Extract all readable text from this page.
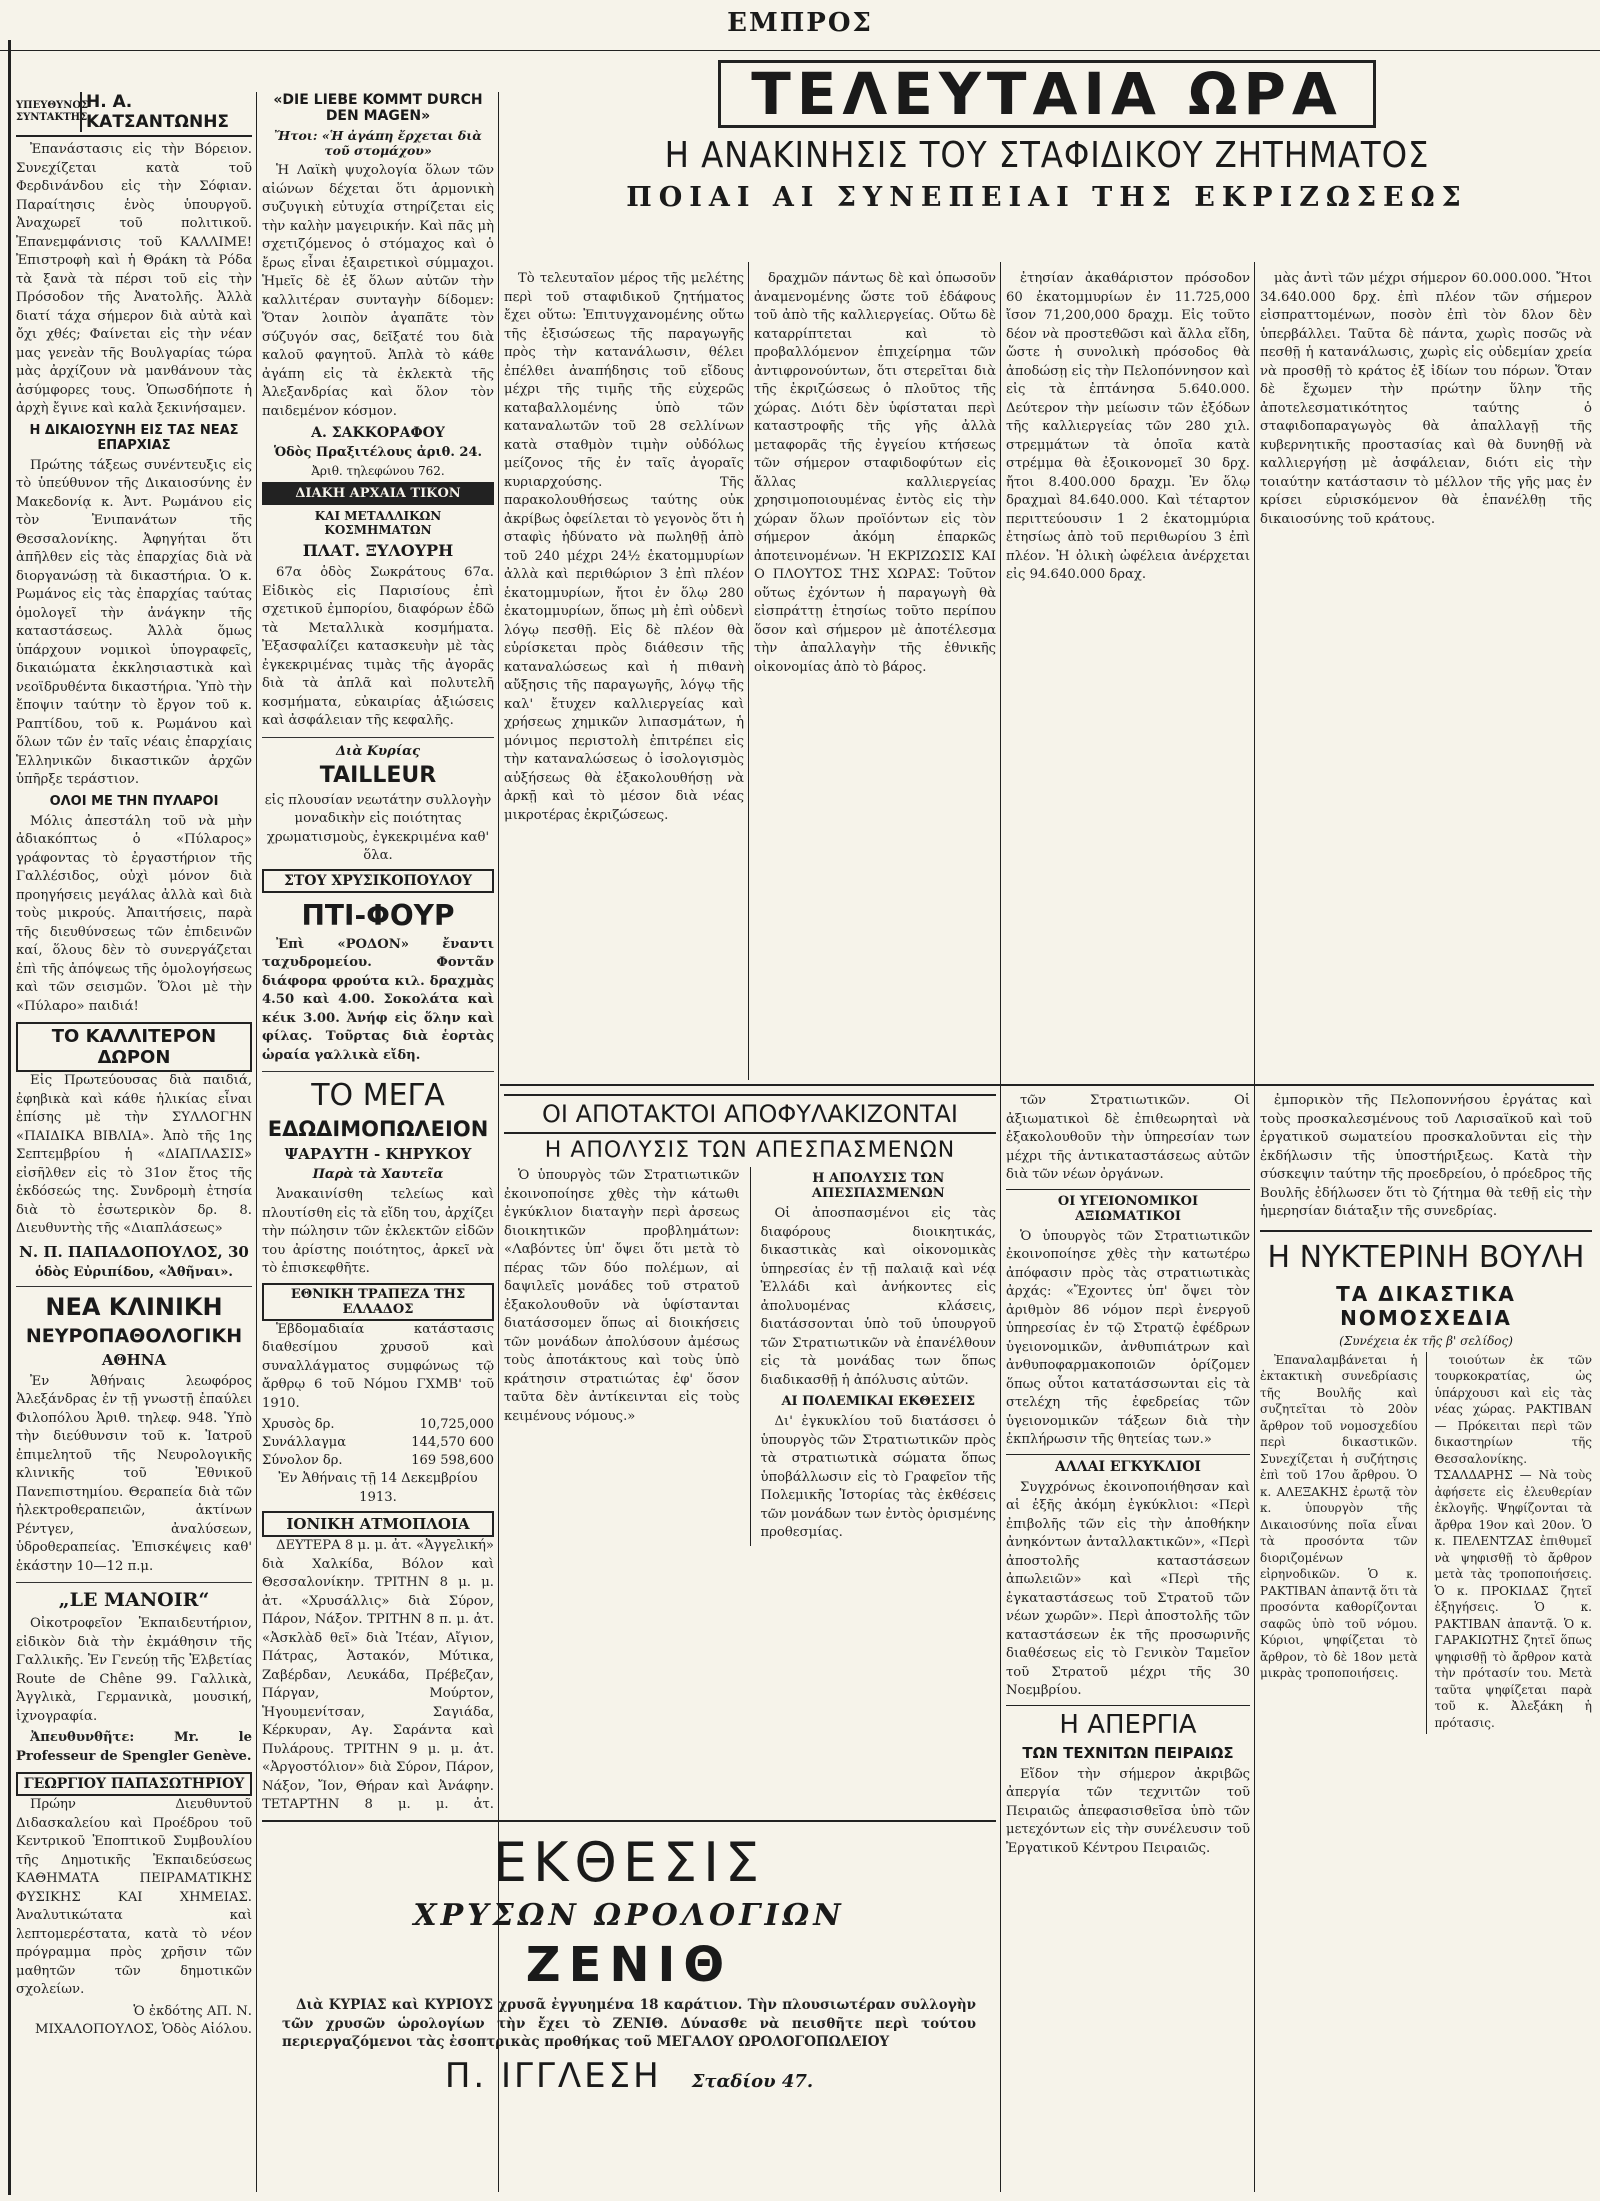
ΕΜΠΡΟΣ
ΥΠΕΥΘΥΝΟΣ ΣΥΝΤΑΚΤΗΣ
Η. Α. ΚΑΤΣΑΝΤΩΝΗΣ

Ἐπανάστασις εἰς τὴν Βόρειον. Συνεχίζεται κατὰ τοῦ Φερδινάνδου εἰς τὴν Σόφιαν. Παραίτησις ἑνὸς ὑπουργοῦ. Ἀναχωρεῖ τοῦ πολιτικοῦ. Ἐπανεμφάνισις τοῦ ΚΑΛΛΙΜΕ! Ἐπιστροφὴ καὶ ἡ Θράκη τὰ Ρόδα τὰ ξανὰ τὰ πέρσι τοῦ εἰς τὴν Πρόσοδον τῆς Ἀνατολῆς. Ἀλλὰ διατί τάχα σήμερον διὰ αὐτὰ καὶ ὄχι χθές; Φαίνεται εἰς τὴν νέαν μας γενεὰν τῆς Βουλγαρίας τώρα μὰς ἀρχίζουν νὰ μανθάνουν τὰς ἀσύμφορες τους. Ὁπωσδήποτε ἡ ἀρχὴ ἔγινε καὶ καλὰ ξεκινήσαμεν.

Η ΔΙΚΑΙΟΣΥΝΗ ΕΙΣ ΤΑΣ ΝΕΑΣ ΕΠΑΡΧΙΑΣ

Πρώτης τάξεως συνέντευξις εἰς τὸ ὑπεύθυνον τῆς Δικαιοσύνης ἐν Μακεδονίᾳ κ. Ἀντ. Ρωμάνου εἰς τὸν Ἐνιπανάτων τῆς Θεσσαλονίκης. Ἀφηγήται ὅτι ἀπῆλθεν εἰς τὰς ἐπαρχίας διὰ νὰ διοργανώσῃ τὰ δικαστήρια. Ὁ κ. Ρωμάνος εἰς τὰς ἐπαρχίας ταύτας ὁμολογεῖ τὴν ἀνάγκην τῆς καταστάσεως. Ἀλλὰ ὅμως ὑπάρχουν νομικοὶ ὑπογραφεῖς, δικαιώματα ἐκκλησιαστικὰ καὶ νεοϊδρυθέντα δικαστήρια. Ὑπὸ τὴν ἔποψιν ταύτην τὸ ἔργον τοῦ κ. Ραπτίδου, τοῦ κ. Ρωμάνου καὶ ὅλων τῶν ἐν ταῖς νέαις ἐπαρχίαις Ἑλληνικῶν δικαστικῶν ἀρχῶν ὑπῆρξε τεράστιον.

ΟΛΟΙ ΜΕ ΤΗΝ ΠΥΛΑΡΟΙ

Μόλις ἀπεστάλη τοῦ νὰ μὴν ἀδιακόπτως ὁ «Πύλαρος» γράφοντας τὸ ἐργαστήριον τῆς Γαλλέσιδος, οὐχὶ μόνον διὰ προηγήσεις μεγάλας ἀλλὰ καὶ διὰ τοὺς μικρούς. Ἀπαιτήσεις, παρὰ τῆς διευθύνσεως τῶν ἐπιδεινῶν καί, ὅλους δὲν τὸ συνεργάζεται ἐπὶ τῆς ἀπόψεως τῆς ὁμολογήσεως καὶ τῶν σεισμῶν. Ὅλοι μὲ τὴν «Πύλαρο» παιδιά!

ΤΟ ΚΑΛΛΙΤΕΡΟΝ ΔΩΡΟΝ

Εἰς Πρωτεύουσας διὰ παιδιά, ἐφηβικὰ καὶ κάθε ἡλικίας εἶναι ἐπίσης μὲ τὴν ΣΥΛΛΟΓΗΝ «ΠΑΙΔΙΚΑ ΒΙΒΛΙΑ». Ἀπὸ τῆς 1ης Σεπτεμβρίου ἡ «ΔΙΑΠΛΑΣΙΣ» εἰσῆλθεν εἰς τὸ 31ον ἔτος τῆς ἐκδόσεώς της. Συνδρομὴ ἐτησία διὰ τὸ ἐσωτερικὸν δρ. 8. Διευθυντὴς τῆς «Διαπλάσεως»

Ν. Π. ΠΑΠΑΔΟΠΟΥΛΟΣ, 30
ὁδὸς Εὐριπίδου, «Ἀθῆναι».
ΝΕΑ ΚΛΙΝΙΚΗ
ΝΕΥΡΟΠΑΘΟΛΟΓΙΚΗ
ΑΘΗΝΑ

Ἐν Ἀθήναις λεωφόρος Ἀλεξάνδρας ἐν τῇ γνωστῇ ἐπαύλει Φιλοπόλου Ἀριθ. τηλεφ. 948. Ὑπὸ τὴν διεύθυνσιν τοῦ κ. Ἰατροῦ ἐπιμελητοῦ τῆς Νευρολογικῆς κλινικῆς τοῦ Ἐθνικοῦ Πανεπιστημίου. Θεραπεία διὰ τῶν ἠλεκτροθεραπειῶν, ἀκτίνων Ρέντγεν, ἀναλύσεων, ὑδροθεραπείας. Ἐπισκέψεις καθ' ἑκάστην 10—12 π.μ.

„LE MANOIR“

Οἰκοτροφεῖον Ἐκπαιδευτήριον, εἰδικὸν διὰ τὴν ἐκμάθησιν τῆς Γαλλικῆς. Ἐν Γενεύῃ τῆς Ἑλβετίας Route de Chêne 99. Γαλλικὰ, Ἀγγλικὰ, Γερμανικὰ, μουσική, ἰχνογραφία.

Ἀπευθυνθῆτε: Mr. le Professeur de Spengler Genève.

ΓΕΩΡΓΙΟΥ ΠΑΠΑΣΩΤΗΡΙΟΥ

Πρώην Διευθυντοῦ Διδασκαλείου καὶ Προέδρου τοῦ Κεντρικοῦ Ἐποπτικοῦ Συμβουλίου τῆς Δημοτικῆς Ἐκπαιδεύσεως ΚΑΘΗΜΑΤΑ ΠΕΙΡΑΜΑΤΙΚΗΣ ΦΥΣΙΚΗΣ ΚΑΙ ΧΗΜΕΙΑΣ. Ἀναλυτικώτατα καὶ λεπτομερέστατα, κατὰ τὸ νέον πρόγραμμα πρὸς χρῆσιν τῶν μαθητῶν τῶν δημοτικῶν σχολείων.

Ὁ ἐκδότης ΑΠ. Ν. ΜΙΧΑΛΟΠΟΥΛΟΣ, Ὁδὸς Αἰόλου.

«DIE LIEBE KOMMT DURCH DEN MAGEN»
Ἤτοι: «Ἡ ἀγάπη ἔρχεται διὰ τοῦ στομάχου»

Ἡ Λαϊκὴ ψυχολογία ὅλων τῶν αἰώνων δέχεται ὅτι ἁρμονικὴ συζυγικὴ εὐτυχία στηρίζεται εἰς τὴν καλὴν μαγειρικήν. Καὶ πᾶς μὴ σχετιζόμενος ὁ στόμαχος καὶ ὁ ἔρως εἶναι ἐξαιρετικοὶ σύμμαχοι. Ἡμεῖς δὲ ἐξ ὅλων αὐτῶν τὴν καλλιτέραν συνταγὴν δίδομεν: Ὅταν λοιπὸν ἀγαπᾶτε τὸν σύζυγόν σας, δεῖξατέ του διὰ καλοῦ φαγητοῦ. Ἁπλὰ τὸ κάθε ἀγάπη εἰς τὰ ἐκλεκτὰ τῆς Ἀλεξανδρίας καὶ ὅλον τὸν παιδεμένον κόσμον.

Α. ΣΑΚΚΟΡΑΦΟΥ
Ὁδὸς Πραξιτέλους ἀριθ. 24.
Ἀριθ. τηλεφώνου 762.
ΔΙΑΚΗ ΑΡΧΑΙΑ ΤΙΚΟΝ
ΚΑΙ ΜΕΤΑΛΛΙΚΩΝ ΚΟΣΜΗΜΑΤΩΝ
ΠΛΑΤ. ΞΥΛΟΥΡΗ

67α ὁδὸς Σωκράτους 67α. Εἰδικὸς εἰς Παρισίους ἐπὶ σχετικοῦ ἐμπορίου, διαφόρων ἐδῶ τὰ Μεταλλικὰ κοσμήματα. Ἐξασφαλίζει κατασκευὴν μὲ τὰς ἐγκεκριμένας τιμὰς τῆς ἀγορᾶς διὰ τὰ ἀπλᾶ καὶ πολυτελῆ κοσμήματα, εὐκαιρίας ἀξιώσεις καὶ ἀσφάλειαν τῆς κεφαλῆς.

Διὰ Κυρίας
TAILLEUR

εἰς πλουσίαν νεωτάτην συλλογὴν μοναδικὴν εἰς ποιότητας χρωματισμοὺς, ἐγκεκριμένα καθ' ὅλα.

ΣΤΟΥ ΧΡΥΣΙΚΟΠΟΥΛΟΥ
ΠΤΙ-ΦΟΥΡ

Ἐπὶ «ΡΟΔΟΝ» ἔναντι ταχυδρομείου. Φοντᾶν διάφορα φρούτα κιλ. δραχμὰς 4.50 καὶ 4.00. Σοκολάτα καὶ κέικ 3.00. Ἀνήφ εἰς ὅλην καὶ φίλας. Τοῦρτας διὰ ἑορτὰς ὡραία γαλλικὰ εἴδη.

ΤΟ ΜΕΓΑ
ΕΔΩΔΙΜΟΠΩΛΕΙΟΝ
ΨΑΡΑΥΤΗ - ΚΗΡΥΚΟΥ
Παρὰ τὰ Χαυτεῖα

Ἀνακαινίσθη τελείως καὶ πλουτίσθη εἰς τὰ εἴδη του, ἀρχίζει τὴν πώλησιν τῶν ἐκλεκτῶν εἰδῶν του ἀρίστης ποιότητος, ἀρκεῖ νὰ τὸ ἐπισκεφθῆτε.

ΕΘΝΙΚΗ ΤΡΑΠΕΖΑ ΤΗΣ ΕΛΛΑΔΟΣ

Ἑβδομαδιαία κατάστασις διαθεσίμου χρυσοῦ καὶ συναλλάγματος συμφώνως τῷ ἄρθρῳ 6 τοῦ Νόμου ΓΧΜΒ' τοῦ 1910.

Χρυσὸς δρ.	10,725,000
Συνάλλαγμα	144,570 600
Σύνολον δρ.	169 598,600

Ἐν Ἀθήναις τῇ 14 Δεκεμβρίου 1913.

ΙΟΝΙΚΗ ΑΤΜΟΠΛΟΙΑ

ΔΕΥΤΕΡΑ 8 μ. μ. ἀτ. «Ἀγγελική» διὰ Χαλκίδα, Βόλον καὶ Θεσσαλονίκην. ΤΡΙΤΗΝ 8 μ. μ. ἀτ. «Χρυσάλλις» διὰ Σύρον, Πάρον, Νάξον. ΤΡΙΤΗΝ 8 π. μ. ἀτ. «Ἀσκλὰδ θεῖ» διὰ Ἰτέαν, Αἴγιον, Πάτρας, Ἀστακόν, Μύτικα, Ζαβέρδαν, Λευκάδα, Πρέβεζαν, Πάργαν, Μούρτον, Ἡγουμενίτσαν, Σαγιάδα, Κέρκυραν, Αγ. Σαράντα καὶ Πυλάρους. ΤΡΙΤΗΝ 9 μ. μ. ἀτ. «Ἀργοστόλιον» διὰ Σύρον, Πάρον, Νάξον, Ἴον, Θήραν καὶ Ἀνάφην. ΤΕΤΑΡΤΗΝ 8 μ. μ. ἀτ.

ΤΕΛΕΥΤΑΙΑ ΩΡΑ
Η ΑΝΑΚΙΝΗΣΙΣ ΤΟΥ ΣΤΑΦΙΔΙΚΟΥ ΖΗΤΗΜΑΤΟΣ
ΠΟΙΑΙ ΑΙ ΣΥΝΕΠΕΙΑΙ ΤΗΣ ΕΚΡΙΖΩΣΕΩΣ

Τὸ τελευταῖον μέρος τῆς μελέτης περὶ τοῦ σταφιδικοῦ ζητήματος ἔχει οὕτω: Ἐπιτυγχανομένης οὕτω τῆς ἐξισώσεως τῆς παραγωγῆς πρὸς τὴν κατανάλωσιν, θέλει ἐπέλθει ἀναπήδησις τοῦ εἴδους μέχρι τῆς τιμῆς τῆς εὐχερῶς καταβαλλομένης ὑπὸ τῶν καταναλωτῶν τοῦ 28 σελλίνων κατὰ σταθμὸν τιμὴν οὐδόλως μείζονος τῆς ἐν ταῖς ἀγοραῖς κυριαρχούσης. Τῆς παρακολουθήσεως ταύτης οὐκ ἀκρίβως ὀφείλεται τὸ γεγονὸς ὅτι ἡ σταφὶς ἠδύνατο νὰ πωληθῇ ἀπὸ τοῦ 240 μέχρι 24½ ἑκατομμυρίων ἀλλὰ καὶ περιθώριον 3 ἐπὶ πλέον ἑκατομμυρίων, ἤτοι ἐν ὅλῳ 280 ἑκατομμυρίων, ὅπως μὴ ἐπὶ οὐδενὶ λόγῳ πεσθῇ. Εἰς δὲ πλέον θὰ εὑρίσκεται πρὸς διάθεσιν τῆς καταναλώσεως καὶ ἡ πιθανὴ αὔξησις τῆς παραγωγῆς, λόγῳ τῆς καλ' ἔτυχεν καλλιεργείας καὶ χρήσεως χημικῶν λιπασμάτων, ἡ μόνιμος περιστολὴ ἐπιτρέπει εἰς τὴν καταναλώσεως ὁ ἰσολογισμὸς αὐξήσεως θὰ ἐξακολουθήσῃ νὰ ἀρκῇ καὶ τὸ μέσον διὰ νέας μικροτέρας ἐκριζώσεως.

δραχμῶν πάντως δὲ καὶ ὁπωσοῦν ἀναμενομένης ὥστε τοῦ ἐδάφους τοῦ ἀπὸ τῆς καλλιεργείας. Οὕτω δὲ καταρρίπτεται καὶ τὸ προβαλλόμενον ἐπιχείρημα τῶν ἀντιφρονούντων, ὅτι στερεῖται διὰ τῆς ἐκριζώσεως ὁ πλοῦτος τῆς χώρας. Διότι δὲν ὑφίσταται περὶ καταστροφῆς τῆς γῆς ἀλλὰ μεταφορᾶς τῆς ἐγγείου κτήσεως τῶν σήμερον σταφιδοφύτων εἰς ἄλλας καλλιεργείας χρησιμοποιουμένας ἐντὸς εἰς τὴν χώραν ὅλων προϊόντων εἰς τὸν σήμερον ἀκόμη ἐπαρκῶς ἀποτεινομένων. Ἡ ΕΚΡΙΖΩΣΙΣ ΚΑΙ Ο ΠΛΟΥΤΟΣ ΤΗΣ ΧΩΡΑΣ: Τοῦτον οὕτως ἐχόντων ἡ παραγωγὴ θὰ εἰσπράττῃ ἐτησίως τοῦτο περίπου ὅσον καὶ σήμερον μὲ ἀποτέλεσμα τὴν ἀπαλλαγὴν τῆς ἐθνικῆς οἰκονομίας ἀπὸ τὸ βάρος.

ἐτησίαν ἀκαθάριστον πρόσοδον 60 ἑκατομμυρίων ἐν 11.725,000 ἴσον 71,200,000 δραχμ. Εἰς τοῦτο δέον νὰ προστεθῶσι καὶ ἄλλα εἴδη, ὥστε ἡ συνολικὴ πρόσοδος θὰ ἀποδώσῃ εἰς τὴν Πελοπόννησον καὶ εἰς τὰ ἐπτάνησα 5.640.000. Δεύτερον τὴν μείωσιν τῶν ἐξόδων τῆς καλλιεργείας τῶν 280 χιλ. στρεμμάτων τὰ ὁποῖα κατὰ στρέμμα θὰ ἐξοικονομεῖ 30 δρχ. ἤτοι 8.400.000 δραχμ. Ἐν ὅλῳ δραχμαὶ 84.640.000. Καὶ τέταρτον περιττεύουσιν 1 2 ἑκατομμύρια ἐτησίως ἀπὸ τοῦ περιθωρίου 3 ἐπὶ πλέον. Ἡ ὀλικὴ ὠφέλεια ἀνέρχεται εἰς 94.640.000 δραχ.

μὰς ἀντὶ τῶν μέχρι σήμερον 60.000.000. Ἤτοι 34.640.000 δρχ. ἐπὶ πλέον τῶν σήμερον εἰσπραττομένων, ποσὸν ἐπὶ τὸν δλον δὲν ὑπερβάλλει. Ταῦτα δὲ πάντα, χωρὶς ποσῶς νὰ πεσθῇ ἡ κατανάλωσις, χωρὶς εἰς οὐδεμίαν χρεία νὰ προσθῇ τὸ κράτος ἐξ ἰδίων του πόρων. Ὅταν δὲ ἔχωμεν τὴν πρώτην ὕλην τῆς ἀποτελεσματικότητος ταύτης ὁ σταφιδοπαραγωγὸς θὰ ἀπαλλαγῇ τῆς κυβερνητικῆς προστασίας καὶ θὰ δυνηθῇ νὰ καλλιεργήσῃ μὲ ἀσφάλειαν, διότι εἰς τὴν τοιαύτην κατάστασιν τὸ μέλλον τῆς γῆς μας ἐν κρίσει εὑρισκόμενον θὰ ἐπανέλθῃ τῆς δικαιοσύνης τοῦ κράτους.

ΟΙ ΑΠΟΤΑΚΤΟΙ ΑΠΟΦΥΛΑΚΙΖΟΝΤΑΙ
Η ΑΠΟΛΥΣΙΣ ΤΩΝ ΑΠΕΣΠΑΣΜΕΝΩΝ

Ὁ ὑπουργὸς τῶν Στρατιωτικῶν ἐκοινοποίησε χθὲς τὴν κάτωθι ἐγκύκλιον διαταγὴν περὶ ἀρσεως διοικητικῶν προβλημάτων: «Λαβόντες ὑπ' ὄψει ὅτι μετὰ τὸ πέρας τῶν δύο πολέμων, αἱ δαψιλεῖς μονάδες τοῦ στρατοῦ ἐξακολουθοῦν νὰ ὑφίστανται διατάσσομεν ὅπως αἱ διοικήσεις τῶν μονάδων ἀπολύσουν ἀμέσως τοὺς ἀποτάκτους καὶ τοὺς ὑπὸ κράτησιν στρατιώτας ἐφ' ὅσον ταῦτα δὲν ἀντίκεινται εἰς τοὺς κειμένους νόμους.»

Η ΑΠΟΛΥΣΙΣ ΤΩΝ ΑΠΕΣΠΑΣΜΕΝΩΝ

Οἱ ἀποσπασμένοι εἰς τὰς διαφόρους διοικητικάς, δικαστικὰς καὶ οἰκονομικὰς ὑπηρεσίας ἐν τῇ παλαιᾷ καὶ νέᾳ Ἑλλάδι καὶ ἀνήκοντες εἰς ἀπολυομένας κλάσεις, διατάσσονται ὑπὸ τοῦ ὑπουργοῦ τῶν Στρατιωτικῶν νὰ ἐπανέλθουν εἰς τὰ μονάδας των ὅπως διαδικασθῇ ἡ ἀπόλυσις αὐτῶν.

ΑΙ ΠΟΛΕΜΙΚΑΙ ΕΚΘΕΣΕΙΣ

Δι' ἐγκυκλίου τοῦ διατάσσει ὁ ὑπουργὸς τῶν Στρατιωτικῶν πρὸς τὰ στρατιωτικὰ σώματα ὅπως ὑποβάλλωσιν εἰς τὸ Γραφεῖον τῆς Πολεμικῆς Ἱστορίας τὰς ἐκθέσεις τῶν μονάδων των ἐντὸς ὀρισμένης προθεσμίας.

τῶν Στρατιωτικῶν. Οἱ ἀξιωματικοὶ δὲ ἐπιθεωρηταὶ νὰ ἐξακολουθοῦν τὴν ὑπηρεσίαν των μέχρι τῆς ἀντικαταστάσεως αὐτῶν διὰ τῶν νέων ὀργάνων.

ΟΙ ΥΓΕΙΟΝΟΜΙΚΟΙ ΑΞΙΩΜΑΤΙΚΟΙ

Ὁ ὑπουργὸς τῶν Στρατιωτικῶν ἐκοινοποίησε χθὲς τὴν κατωτέρω ἀπόφασιν πρὸς τὰς στρατιωτικὰς ἀρχάς: «Ἔχοντες ὑπ' ὄψει τὸν ἀριθμὸν 86 νόμον περὶ ἐνεργοῦ ὑπηρεσίας ἐν τῷ Στρατῷ ἐφέδρων ὑγειονομικῶν, ἀνθυπιάτρων καὶ ἀνθυποφαρμακοποιῶν ὁρίζομεν ὅπως οὗτοι κατατάσσωνται εἰς τὰ στελέχη τῆς ἐφεδρείας τῶν ὑγειονομικῶν τάξεων διὰ τὴν ἐκπλήρωσιν τῆς θητείας των.»

ΑΛΛΑΙ ΕΓΚΥΚΛΙΟΙ

Συγχρόνως ἐκοινοποιήθησαν καὶ αἱ ἑξῆς ἀκόμη ἐγκύκλιοι: «Περὶ ἐπιβολῆς τῶν εἰς τὴν ἀποθήκην ἀνηκόντων ἀνταλλακτικῶν», «Περὶ ἀποστολῆς καταστάσεων ἀπωλειῶν» καὶ «Περὶ τῆς ἐγκαταστάσεως τοῦ Στρατοῦ τῶν νέων χωρῶν». Περὶ ἀποστολῆς τῶν καταστάσεων ἐκ τῆς προσωρινῆς διαθέσεως εἰς τὸ Γενικὸν Ταμεῖον τοῦ Στρατοῦ μέχρι τῆς 30 Νοεμβρίου.

Η ΑΠΕΡΓΙΑ
ΤΩΝ ΤΕΧΝΙΤΩΝ ΠΕΙΡΑΙΩΣ

Εἴδον τὴν σήμερον ἀκριβῶς ἀπεργία τῶν τεχνιτῶν τοῦ Πειραιῶς ἀπεφασισθεῖσα ὑπὸ τῶν μετεχόντων εἰς τὴν συνέλευσιν τοῦ Ἐργατικοῦ Κέντρου Πειραιῶς.

ἐμπορικὸν τῆς Πελοποννήσου ἐργάτας καὶ τοὺς προσκαλεσμένους τοῦ Λαρισαϊκοῦ καὶ τοῦ ἐργατικοῦ σωματείου προσκαλοῦνται εἰς τὴν ἐκδήλωσιν τῆς ὑποστήριξεως. Κατὰ τὴν σύσκεψιν ταύτην τῆς προεδρείου, ὁ πρόεδρος τῆς Βουλῆς ἐδήλωσεν ὅτι τὸ ζήτημα θὰ τεθῇ εἰς τὴν ἡμερησίαν διάταξιν τῆς συνεδρίας.

Η ΝΥΚΤΕΡΙΝΗ ΒΟΥΛΗ
ΤΑ ΔΙΚΑΣΤΙΚΑ ΝΟΜΟΣΧΕΔΙΑ
(Συνέχεια ἐκ τῆς β' σελίδος)

Ἐπαναλαμβάνεται ἡ ἐκτακτικὴ συνεδρίασις τῆς Βουλῆς καὶ συζητεῖται τὸ 20ὸν ἄρθρον τοῦ νομοσχεδίου περὶ δικαστικῶν. Συνεχίζεται ἡ συζήτησις ἐπὶ τοῦ 17ου ἄρθρου. Ὁ κ. ΑΛΕΞΑΚΗΣ ἐρωτᾷ τὸν κ. ὑπουργὸν τῆς Δικαιοσύνης ποῖα εἶναι τὰ προσόντα τῶν διοριζομένων εἰρηνοδικῶν. Ὁ κ. ΡΑΚΤΙΒΑΝ ἀπαντᾷ ὅτι τὰ προσόντα καθορίζονται σαφῶς ὑπὸ τοῦ νόμου. Κύριοι, ψηφίζεται τὸ ἄρθρον, τὸ δὲ 18ον μετὰ μικρὰς τροποποιήσεις.

τοιούτων ἐκ τῶν τουρκοκρατίας, ὡς ὑπάρχουσι καὶ εἰς τὰς νέας χώρας. ΡΑΚΤΙΒΑΝ — Πρόκειται περὶ τῶν δικαστηρίων τῆς Θεσσαλονίκης. ΤΣΑΛΔΑΡΗΣ — Νὰ τοὺς ἀφήσετε εἰς ἐλευθερίαν ἐκλογῆς. Ψηφίζονται τὰ ἄρθρα 19ον καὶ 20ον. Ὁ κ. ΠΕΛΕΝΤΖΑΣ ἐπιθυμεῖ νὰ ψηφισθῇ τὸ ἄρθρον μετὰ τὰς τροποποιήσεις. Ὁ κ. ΠΡΟΚΙΔΑΣ ζητεῖ ἐξηγήσεις. Ὁ κ. ΡΑΚΤΙΒΑΝ ἀπαντᾷ. Ὁ κ. ΓΑΡΑΚΙΩΤΗΣ ζητεῖ ὅπως ψηφισθῇ τὸ ἄρθρον κατὰ τὴν πρότασίν του. Μετὰ ταῦτα ψηφίζεται παρὰ τοῦ κ. Ἀλεξάκη ἡ πρότασις.

ΕΚΘΕΣΙΣ
ΧΡΥΣΩΝ ΩΡΟΛΟΓΙΩΝ
ΖΕΝΙΘ

Διὰ ΚΥΡΙΑΣ καὶ ΚΥΡΙΟΥΣ χρυσᾶ ἐγγυημένα 18 καράτιον. Τὴν πλουσιωτέραν συλλογὴν τῶν χρυσῶν ὡρολογίων τὴν ἔχει τὸ ΖΕΝΙΘ. Δύνασθε νὰ πεισθῆτε περὶ τούτου περιεργαζόμενοι τὰς ἐσοπτρικὰς προθήκας τοῦ ΜΕΓΑΛΟΥ ΩΡΟΛΟΓΟΠΩΛΕΙΟΥ

Π. ΙΓΓΛΕΣΗ Σταδίου 47.
